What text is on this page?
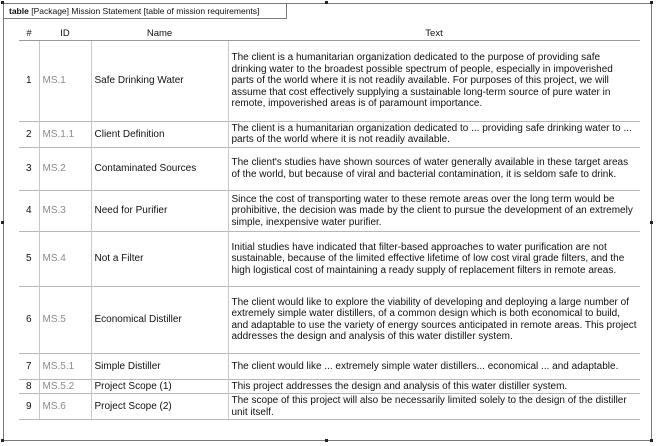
table [Package] Mission Statement [table of mission requirements]
#	ID	Name	Text
1	MS.1	Safe Drinking Water	The client is a humanitarian organization dedicated to the purpose of providing safe drinking water to the broadest possible spectrum of people, especially in impoverished parts of the world where it is not readily available. For purposes of this project, we will assume that cost effectively supplying a sustainable long-term source of pure water in remote, impoverished areas is of paramount importance.
2	MS.1.1	Client Definition	The client is a humanitarian organization dedicated to ... providing safe drinking water to ... parts of the world where it is not readily available.
3	MS.2	Contaminated Sources	The client's studies have shown sources of water generally available in these target areas of the world, but because of viral and bacterial contamination, it is seldom safe to drink.
4	MS.3	Need for Purifier	Since the cost of transporting water to these remote areas over the long term would be prohibitive, the decision was made by the client to pursue the development of an extremely simple, inexpensive water purifier.
5	MS.4	Not a Filter	Initial studies have indicated that filter-based approaches to water purification are not sustainable, because of the limited effective lifetime of low cost viral grade filters, and the high logistical cost of maintaining a ready supply of replacement filters in remote areas.
6	MS.5	Economical Distiller	The client would like to explore the viability of developing and deploying a large number of extremely simple water distillers, of a common design which is both economical to build, and adaptable to use the variety of energy sources anticipated in remote areas. This project addresses the design and analysis of this water distiller system.
7	MS.5.1	Simple Distiller	The client would like ... extremely simple water distillers... economical ... and adaptable.
8	MS.5.2	Project Scope (1)	This project addresses the design and analysis of this water distiller system.
9	MS.6	Project Scope (2)	The scope of this project will also be necessarily limited solely to the design of the distiller unit itself.
